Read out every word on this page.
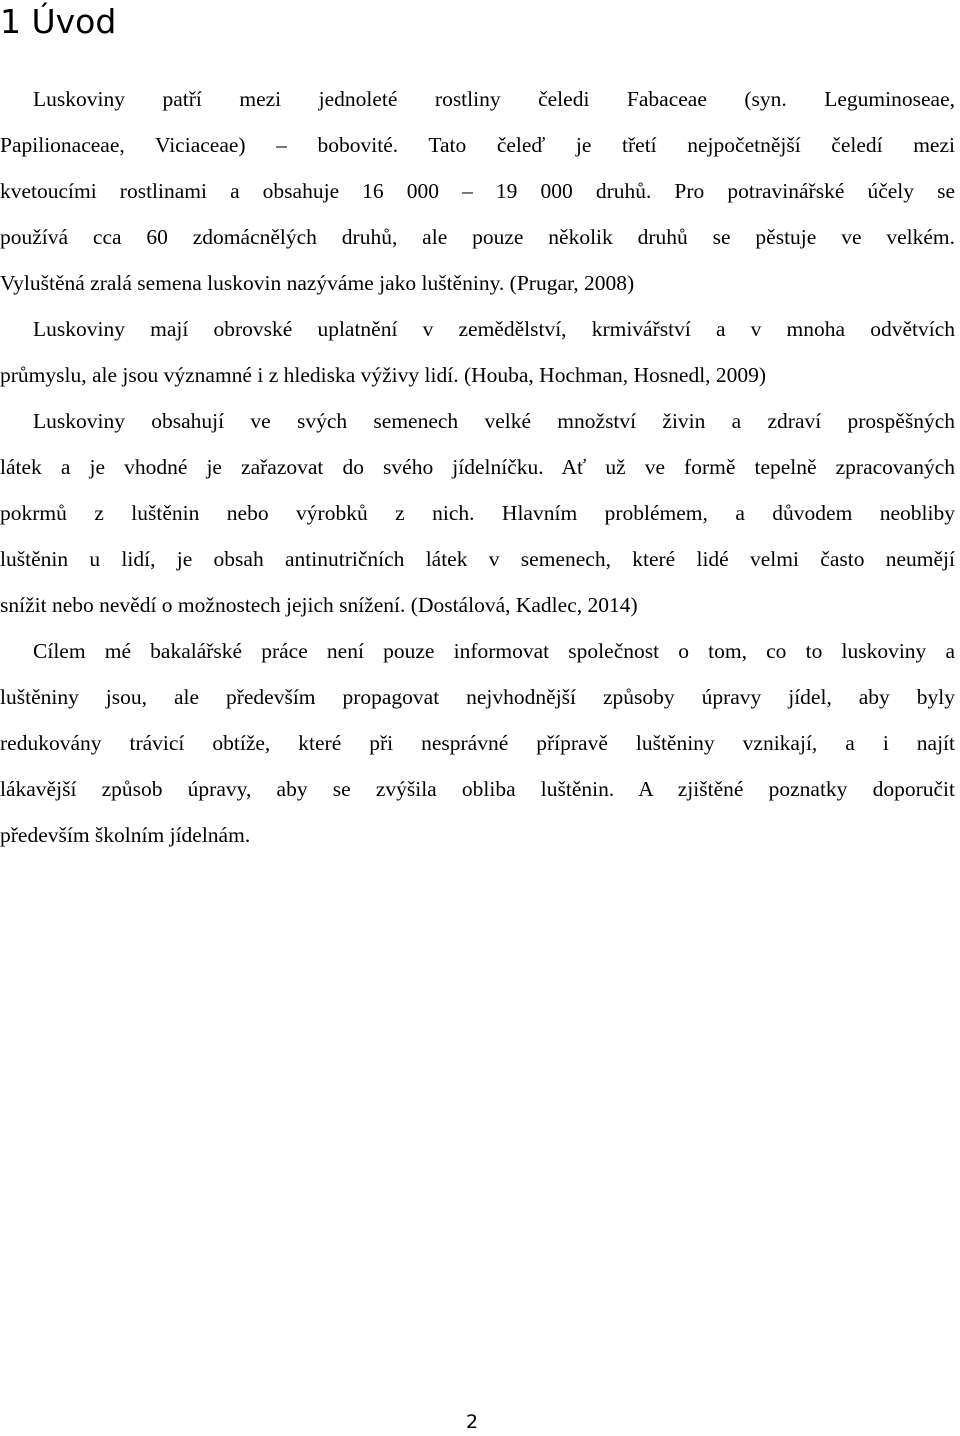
1 Úvod
Luskoviny patří mezi jednoleté rostliny čeledi Fabaceae (syn. Leguminoseae,
Papilionaceae, Viciaceae) – bobovité. Tato čeleď je třetí nejpočetnější čeledí mezi
kvetoucími rostlinami a obsahuje 16 000 – 19 000 druhů. Pro potravinářské účely se
používá cca 60 zdomácnělých druhů, ale pouze několik druhů se pěstuje ve velkém.
Vyluštěná zralá semena luskovin nazýváme jako luštěniny. (Prugar, 2008)
Luskoviny mají obrovské uplatnění v zemědělství, krmivářství a v mnoha odvětvích
průmyslu, ale jsou významné i z hlediska výživy lidí. (Houba, Hochman, Hosnedl, 2009)
Luskoviny obsahují ve svých semenech velké množství živin a zdraví prospěšných
látek a je vhodné je zařazovat do svého jídelníčku. Ať už ve formě tepelně zpracovaných
pokrmů z luštěnin nebo výrobků z nich. Hlavním problémem, a důvodem neobliby
luštěnin u lidí, je obsah antinutričních látek v semenech, které lidé velmi často neumějí
snížit nebo nevědí o možnostech jejich snížení. (Dostálová, Kadlec, 2014)
Cílem mé bakalářské práce není pouze informovat společnost o tom, co to luskoviny a
luštěniny jsou, ale především propagovat nejvhodnější způsoby úpravy jídel, aby byly
redukovány trávicí obtíže, které při nesprávné přípravě luštěniny vznikají, a i najít
lákavější způsob úpravy, aby se zvýšila obliba luštěnin. A zjištěné poznatky doporučit
především školním jídelnám.
2
